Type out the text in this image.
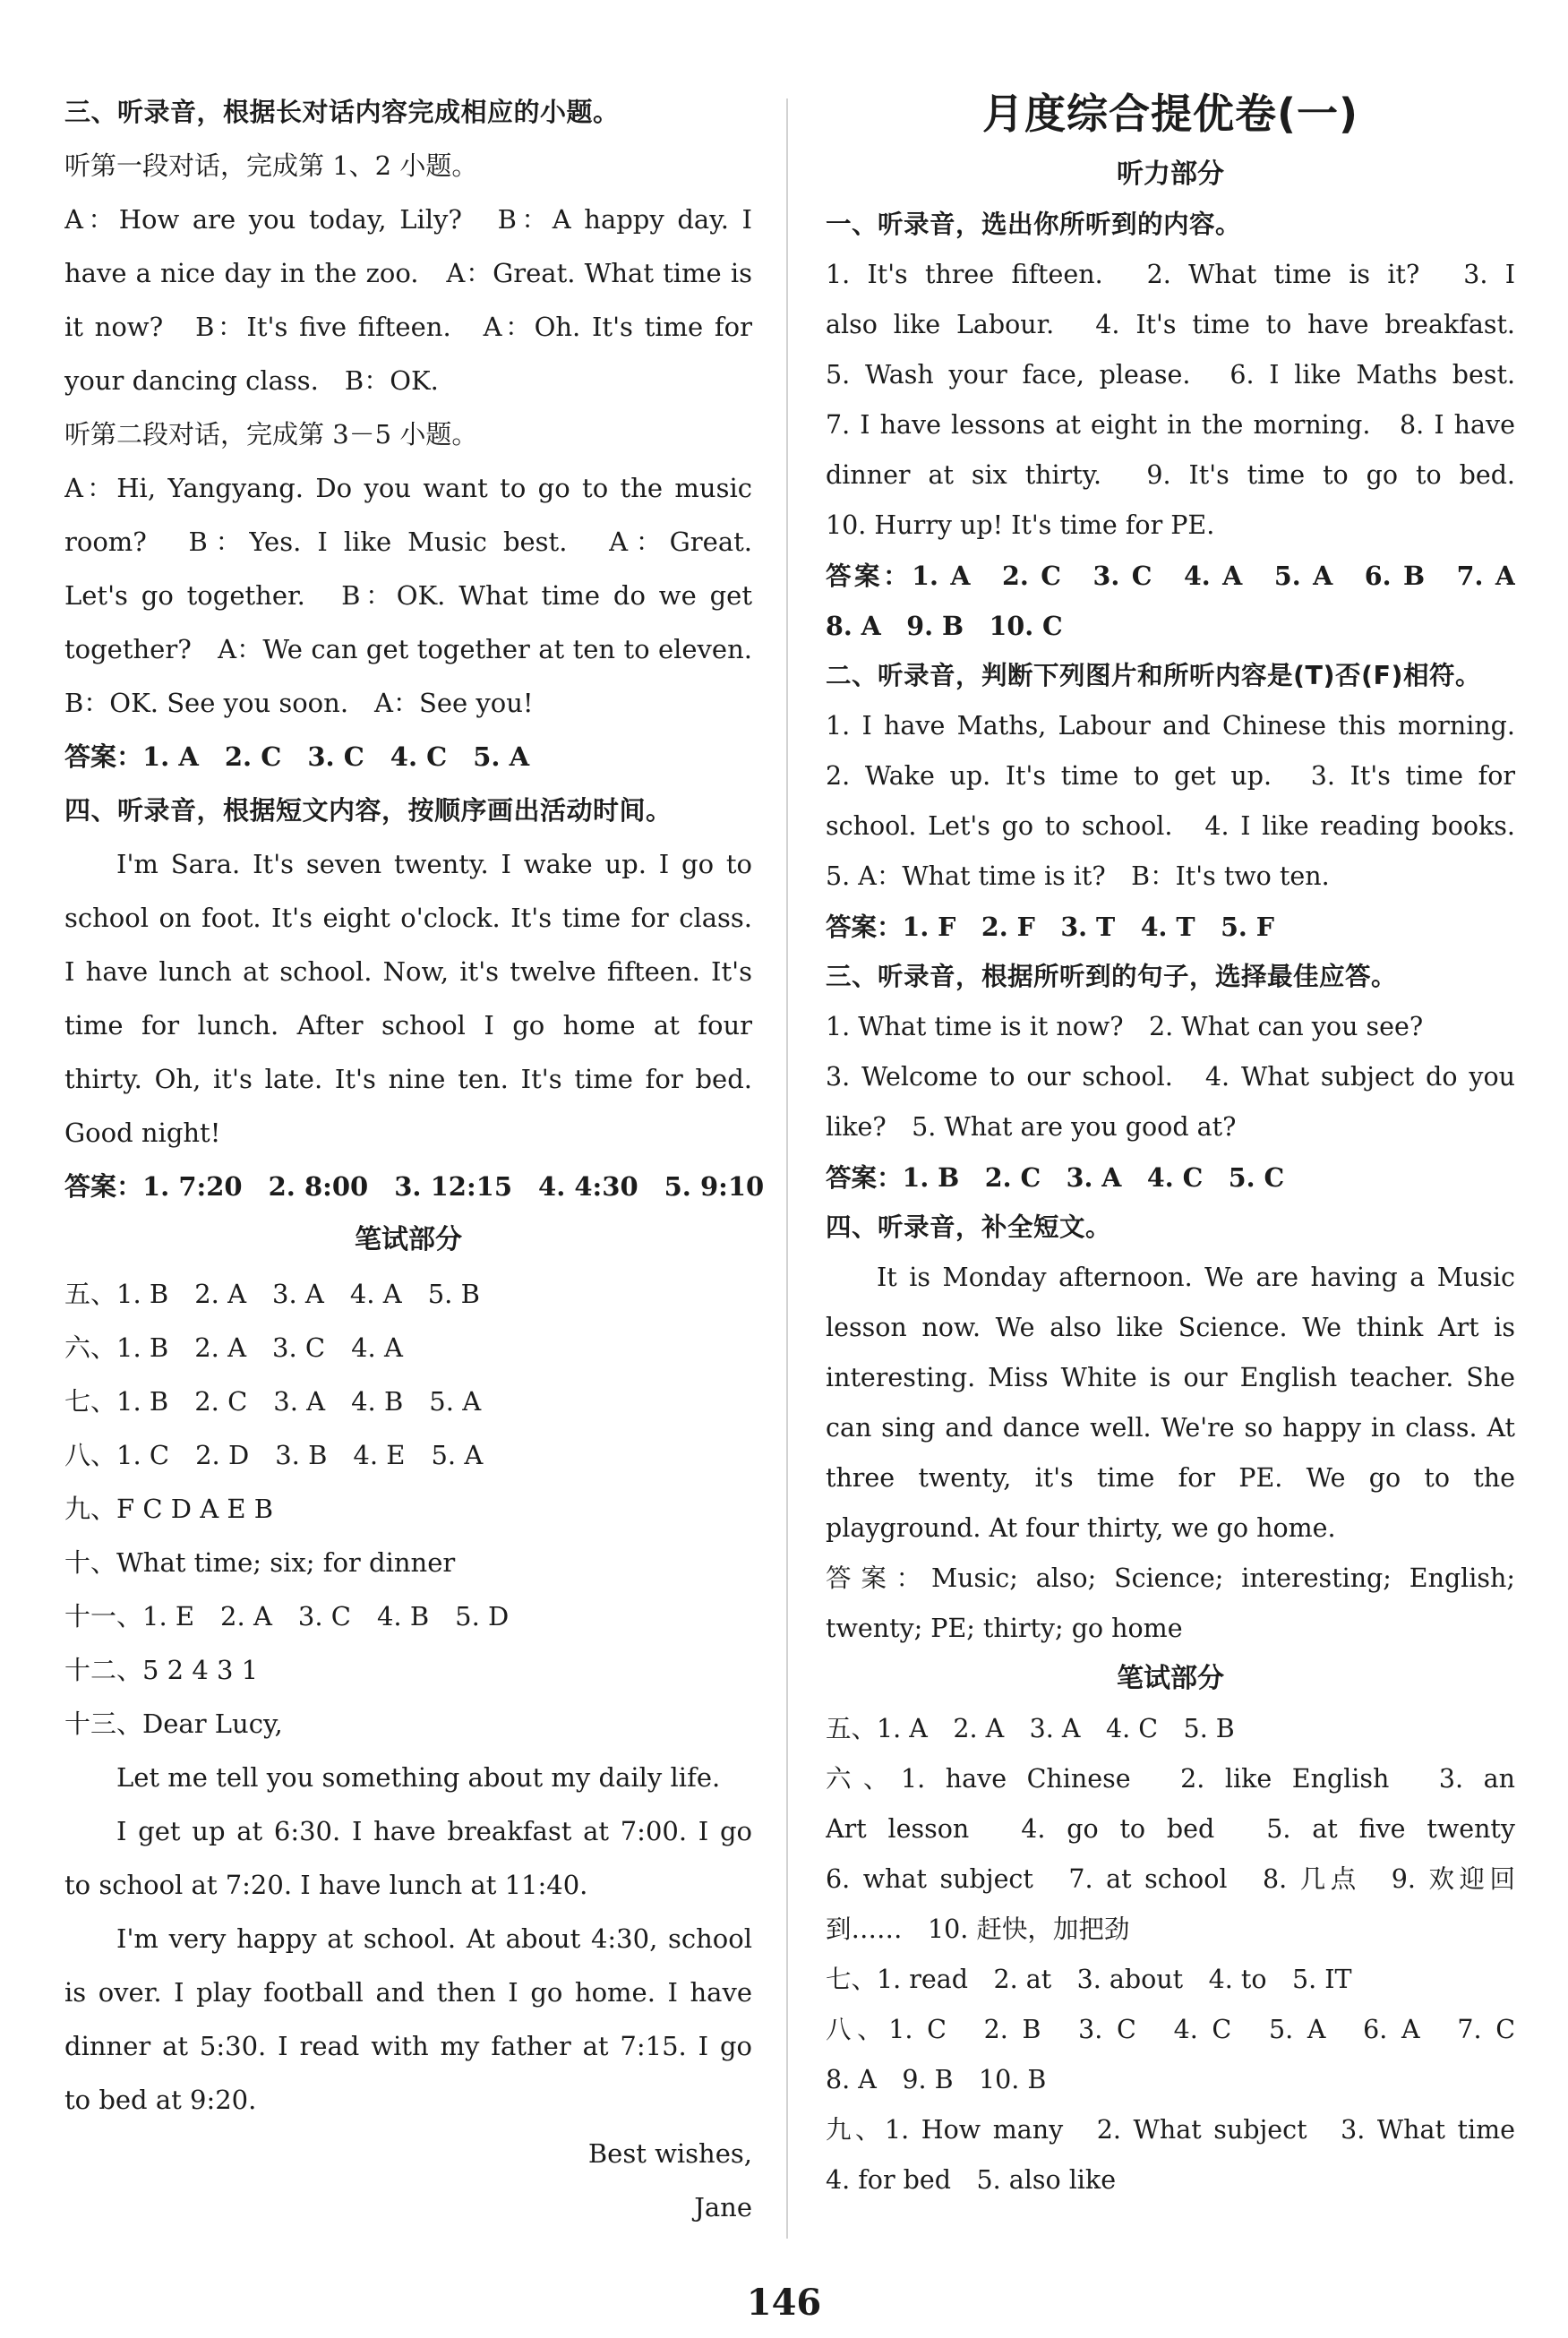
三、听录音，根据长对话内容完成相应的小题。
听第一段对话，完成第 1、2 小题。
A：How are you today, Lily?　B：A happy day. I
have a nice day in the zoo.　A：Great. What time is
it now?　B：It's five fifteen.　A：Oh. It's time for
your dancing class.　B：OK.
听第二段对话，完成第 3－5 小题。
A：Hi, Yangyang. Do you want to go to the music
room?　B：Yes. I like Music best.　A：Great.
Let's go together.　B：OK. What time do we get
together?　A：We can get together at ten to eleven.
B：OK. See you soon.　A：See you!
答案：1. A　2. C　3. C　4. C　5. A
四、听录音，根据短文内容，按顺序画出活动时间。
I'm Sara. It's seven twenty. I wake up. I go to
school on foot. It's eight o'clock. It's time for class.
I have lunch at school. Now, it's twelve fifteen. It's
time for lunch. After school I go home at four
thirty. Oh, it's late. It's nine ten. It's time for bed.
Good night!
答案：1. 7:20　2. 8:00　3. 12:15　4. 4:30　5. 9:10
笔试部分
五、1. B　2. A　3. A　4. A　5. B
六、1. B　2. A　3. C　4. A
七、1. B　2. C　3. A　4. B　5. A
八、1. C　2. D　3. B　4. E　5. A
九、F C D A E B
十、What time; six; for dinner
十一、1. E　2. A　3. C　4. B　5. D
十二、5 2 4 3 1
十三、Dear Lucy,
Let me tell you something about my daily life.
I get up at 6:30. I have breakfast at 7:00. I go
to school at 7:20. I have lunch at 11:40.
I'm very happy at school. At about 4:30, school
is over. I play football and then I go home. I have
dinner at 5:30. I read with my father at 7:15. I go
to bed at 9:20.
Best wishes,
Jane
月度综合提优卷(一)
听力部分
一、听录音，选出你所听到的内容。
1. It's three fifteen.　2. What time is it?　3. I
also like Labour.　4. It's time to have breakfast.
5. Wash your face, please.　6. I like Maths best.
7. I have lessons at eight in the morning.　8. I have
dinner at six thirty.　9. It's time to go to bed.
10. Hurry up! It's time for PE.
答案：1. A　2. C　3. C　4. A　5. A　6. B　7. A
8. A　9. B　10. C
二、听录音，判断下列图片和所听内容是(T)否(F)相符。
1. I have Maths, Labour and Chinese this morning.
2. Wake up. It's time to get up.　3. It's time for
school. Let's go to school.　4. I like reading books.
5. A：What time is it?　B：It's two ten.
答案：1. F　2. F　3. T　4. T　5. F
三、听录音，根据所听到的句子，选择最佳应答。
1. What time is it now?　2. What can you see?
3. Welcome to our school.　4. What subject do you
like?　5. What are you good at?
答案：1. B　2. C　3. A　4. C　5. C
四、听录音，补全短文。
It is Monday afternoon. We are having a Music
lesson now. We also like Science. We think Art is
interesting. Miss White is our English teacher. She
can sing and dance well. We're so happy in class. At
three twenty, it's time for PE. We go to the
playground. At four thirty, we go home.
答案：Music; also; Science; interesting; English;
twenty; PE; thirty; go home
笔试部分
五、1. A　2. A　3. A　4. C　5. B
六、1. have Chinese　2. like English　3. an
Art lesson　4. go to bed　5. at five twenty
6. what subject　7. at school　8. 几点　9. 欢迎回
到……　10. 赶快，加把劲
七、1. read　2. at　3. about　4. to　5. IT
八、1. C　2. B　3. C　4. C　5. A　6. A　7. C
8. A　9. B　10. B
九、1. How many　2. What subject　3. What time
4. for bed　5. also like
146
